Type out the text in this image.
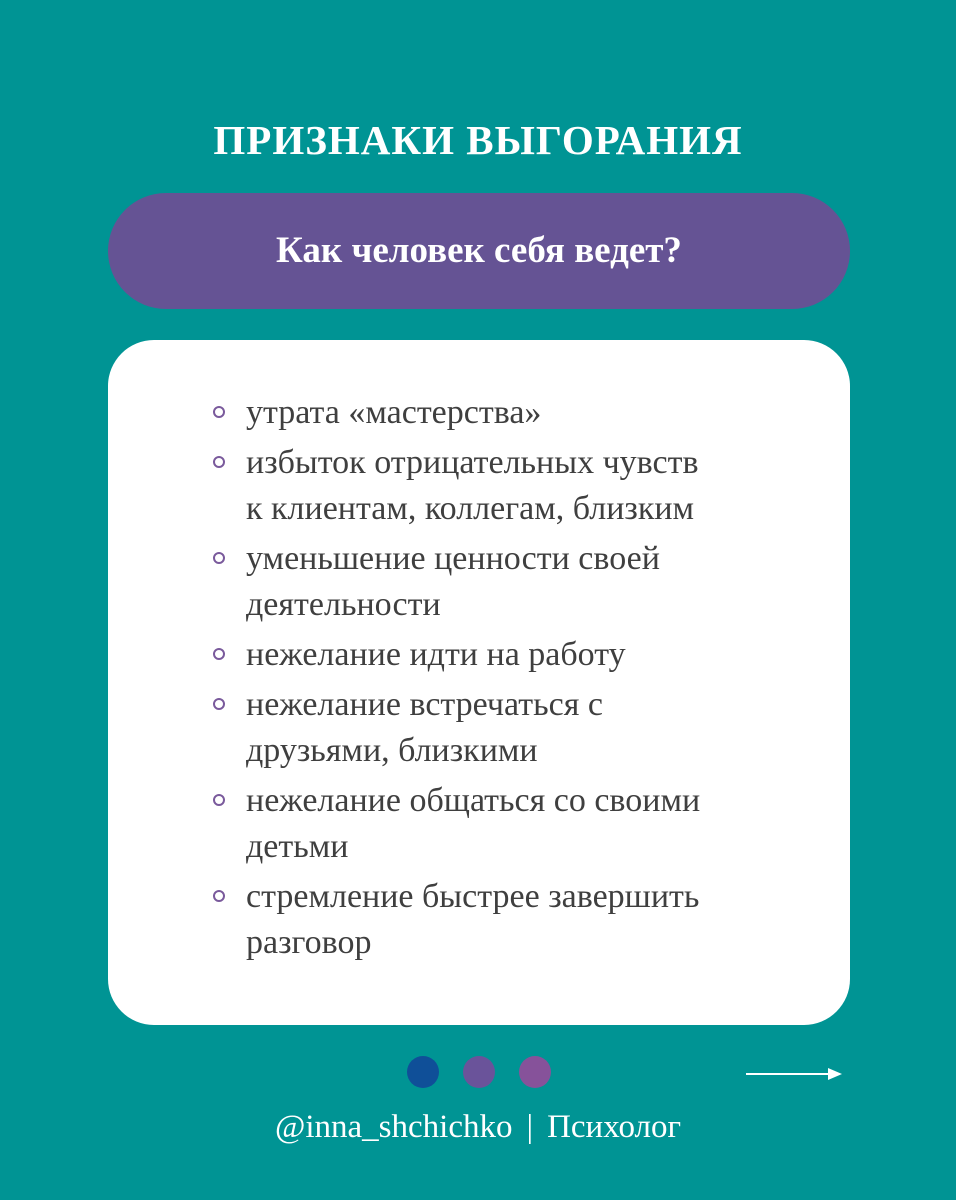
ПРИЗНАКИ ВЫГОРАНИЯ
Как человек себя ведет?
утрата «мастерства»
избыток отрицательных чувств
к клиентам, коллегам, близким
уменьшение ценности своей
деятельности
нежелание идти на работу
нежелание встречаться с
друзьями, близкими
нежелание общаться со своими
детьми
стремление быстрее завершить
разговор
@inna_shchichko | Психолог
